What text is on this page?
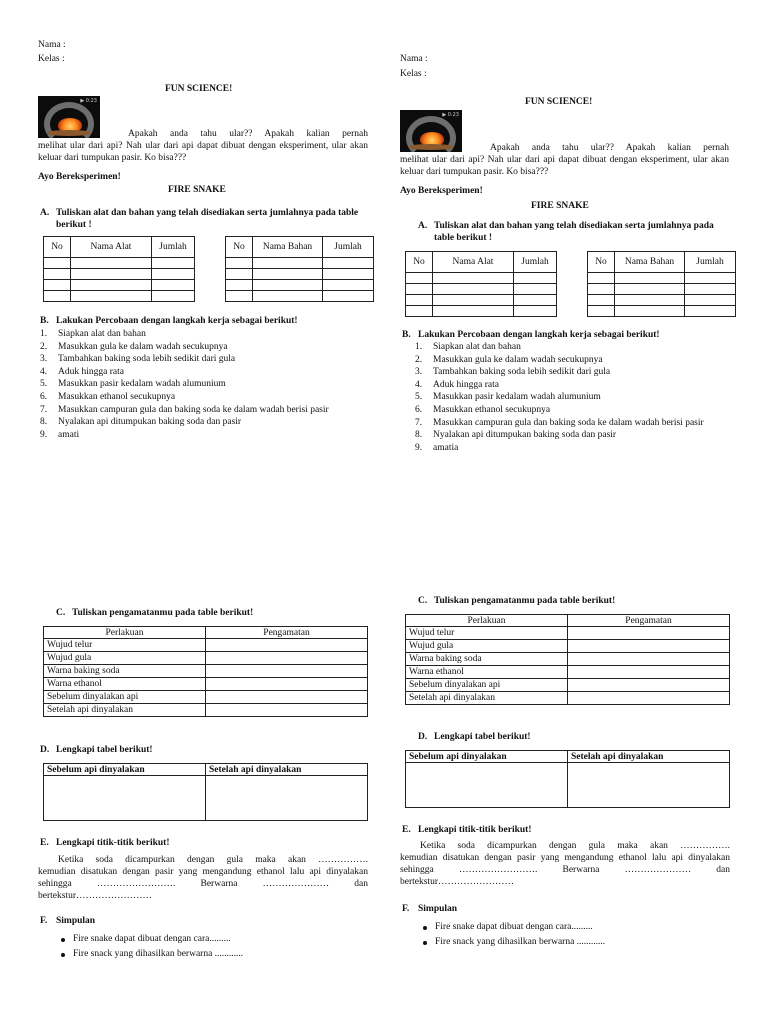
Nama :
Kelas :
FUN SCIENCE!
▶ 0:23
Apakah anda tahu ular?? Apakah kalian pernah

melihat ular dari api? Nah ular dari api dapat dibuat dengan eksperiment, ular akan keluar dari tumpukan pasir. Ko bisa???

Ayo Bereksperimen!
FIRE SNAKE
A. Tuliskan alat dan bahan yang telah disediakan serta jumlahnya pada table berikut !
No	Nama Alat	Jumlah

			No	Nama Bahan	Jumlah

B. Lakukan Percobaan dengan langkah kerja sebagai berikut!
1. Siapkan alat dan bahan
2. Masukkan gula ke dalam wadah secukupnya
3. Tambahkan baking soda lebih sedikit dari gula
4. Aduk hingga rata
5. Masukkan pasir kedalam wadah alumunium
6. Masukkan ethanol secukupnya
7. Masukkan campuran gula dan baking soda ke dalam wadah berisi pasir
8. Nyalakan api ditumpukan baking soda dan pasir
9. amati
C. Tuliskan pengamatanmu pada table berikut!
Perlakuan	Pengamatan
Wujud telur	
Wujud gula	
Warna baking soda	
Warna ethanol	
Sebelum dinyalakan api	
Setelah api dinyalakan	
D. Lengkapi tabel berikut!
Sebelum api dinyalakan	Setelah api dinyalakan

E. Lengkapi titik-titik berikut!
Ketika soda dicampurkan dengan gula maka akan …………….

kemudian disatukan dengan pasir yang mengandung ethanol lalu api dinyalakan sehingga ……………………. Berwarna ………………… dan bertekstur……………………

F. Simpulan
Fire snake dapat dibuat dengan cara.........
Fire snack yang dihasilkan berwarna ............
Nama :
Kelas :
FUN SCIENCE!
▶ 0:23
Apakah anda tahu ular?? Apakah kalian pernah

melihat ular dari api? Nah ular dari api dapat dibuat dengan eksperiment, ular akan keluar dari tumpukan pasir. Ko bisa???

Ayo Bereksperimen!
FIRE SNAKE
A. Tuliskan alat dan bahan yang telah disediakan serta jumlahnya pada table berikut !
No	Nama Alat	Jumlah

			No	Nama Bahan	Jumlah

B. Lakukan Percobaan dengan langkah kerja sebagai berikut!
1. Siapkan alat dan bahan
2. Masukkan gula ke dalam wadah secukupnya
3. Tambahkan baking soda lebih sedikit dari gula
4. Aduk hingga rata
5. Masukkan pasir kedalam wadah alumunium
6. Masukkan ethanol secukupnya
7. Masukkan campuran gula dan baking soda ke dalam wadah berisi pasir
8. Nyalakan api ditumpukan baking soda dan pasir
9. amatia
C. Tuliskan pengamatanmu pada table berikut!
Perlakuan	Pengamatan
Wujud telur	
Wujud gula	
Warna baking soda	
Warna ethanol	
Sebelum dinyalakan api	
Setelah api dinyalakan	
D. Lengkapi tabel berikut!
Sebelum api dinyalakan	Setelah api dinyalakan

E. Lengkapi titik-titik berikut!
Ketika soda dicampurkan dengan gula maka akan …………….

kemudian disatukan dengan pasir yang mengandung ethanol lalu api dinyalakan sehingga ……………………. Berwarna ………………… dan bertekstur……………………

F. Simpulan
Fire snake dapat dibuat dengan cara.........
Fire snack yang dihasilkan berwarna ............
